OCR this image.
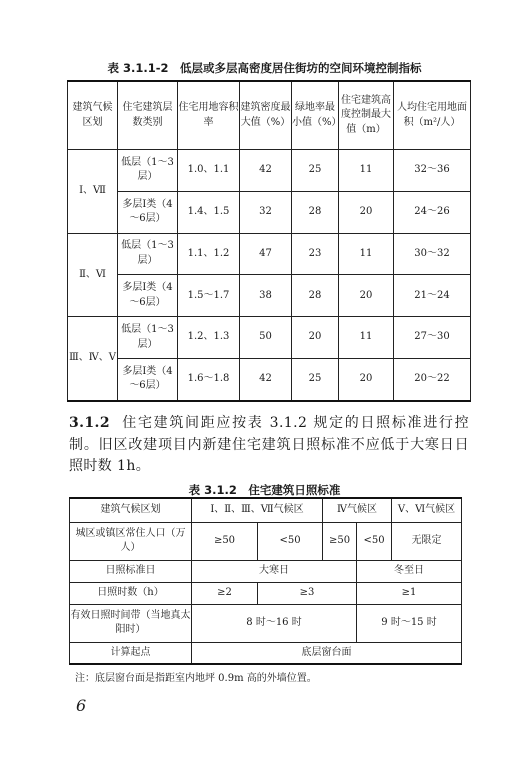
表 3.1.1-2　低层或多层高密度居住街坊的空间环境控制指标
建筑气候区划	住宅建筑层数类别	住宅用地容积率	建筑密度最大值（%）	绿地率最小值（%）	住宅建筑高度控制最大值（m）	人均住宅用地面积（m²/人）
Ⅰ、Ⅶ	低层（1～3层）	1.0、1.1	42	25	11	32～36
	多层Ⅰ类（4～6层）	1.4、1.5	32	28	20	24～26
Ⅱ、Ⅵ	低层（1～3层）	1.1、1.2	47	23	11	30～32
	多层Ⅰ类（4～6层）	1.5～1.7	38	28	20	21～24
Ⅲ、Ⅳ、Ⅴ	低层（1～3层）	1.2、1.3	50	20	11	27～30
	多层Ⅰ类（4～6层）	1.6～1.8	42	25	20	20～22
3.1.2 住宅建筑间距应按表 3.1.2 规定的日照标准进行控制。旧区改建项目内新建住宅建筑日照标准不应低于大寒日日照时数 1h。
表 3.1.2　住宅建筑日照标准
建筑气候区划	Ⅰ、Ⅱ、Ⅲ、Ⅶ气候区		Ⅳ气候区		Ⅴ、Ⅵ气候区
城区或镇区常住人口（万人）	≥50	<50	≥50	<50	无限定
日照标准日	大寒日			冬至日	
日照时数（h）	≥2	≥3		≥1	
有效日照时间带（当地真太阳时）	8 时～16 时			9 时～15 时	
计算起点	底层窗台面				
注：底层窗台面是指距室内地坪 0.9m 高的外墙位置。
6
